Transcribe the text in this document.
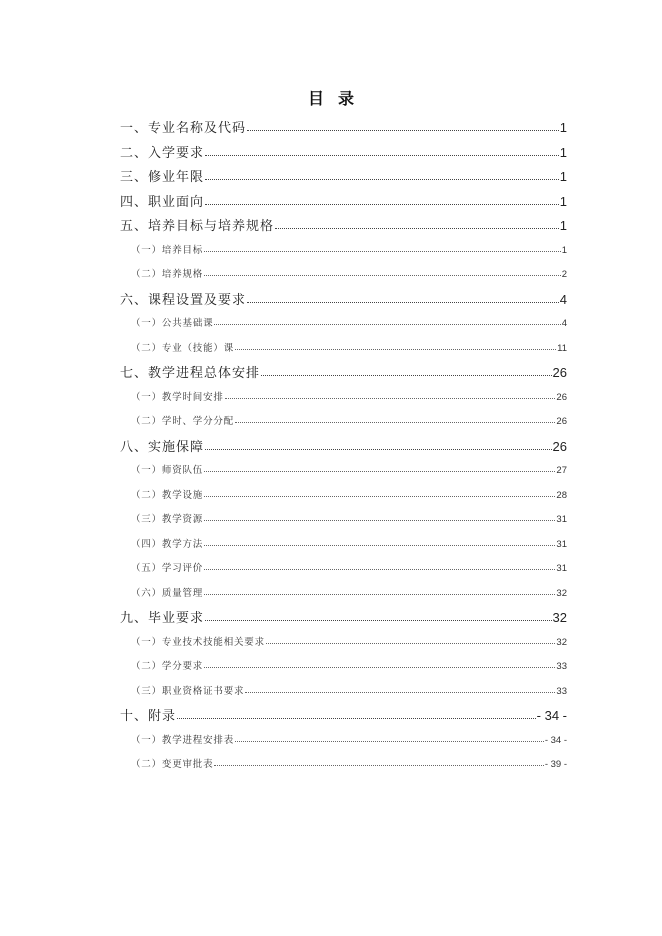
目录
一、专业名称及代码	1
二、入学要求	1
三、修业年限	1
四、职业面向	1
五、培养目标与培养规格	1
（一）培养目标	1
（二）培养规格	2
六、课程设置及要求	4
（一）公共基础课	4
（二）专业（技能）课	11
七、教学进程总体安排	26
（一）教学时间安排	26
（二）学时、学分分配	26
八、实施保障	26
（一）师资队伍	27
（二）教学设施	28
（三）教学资源	31
（四）教学方法	31
（五）学习评价	31
（六）质量管理	32
九、毕业要求	32
（一）专业技术技能相关要求	32
（二）学分要求	33
（三）职业资格证书要求	33
十、附录	- 34 -
（一）教学进程安排表	- 34 -
（二）变更审批表	- 39 -
